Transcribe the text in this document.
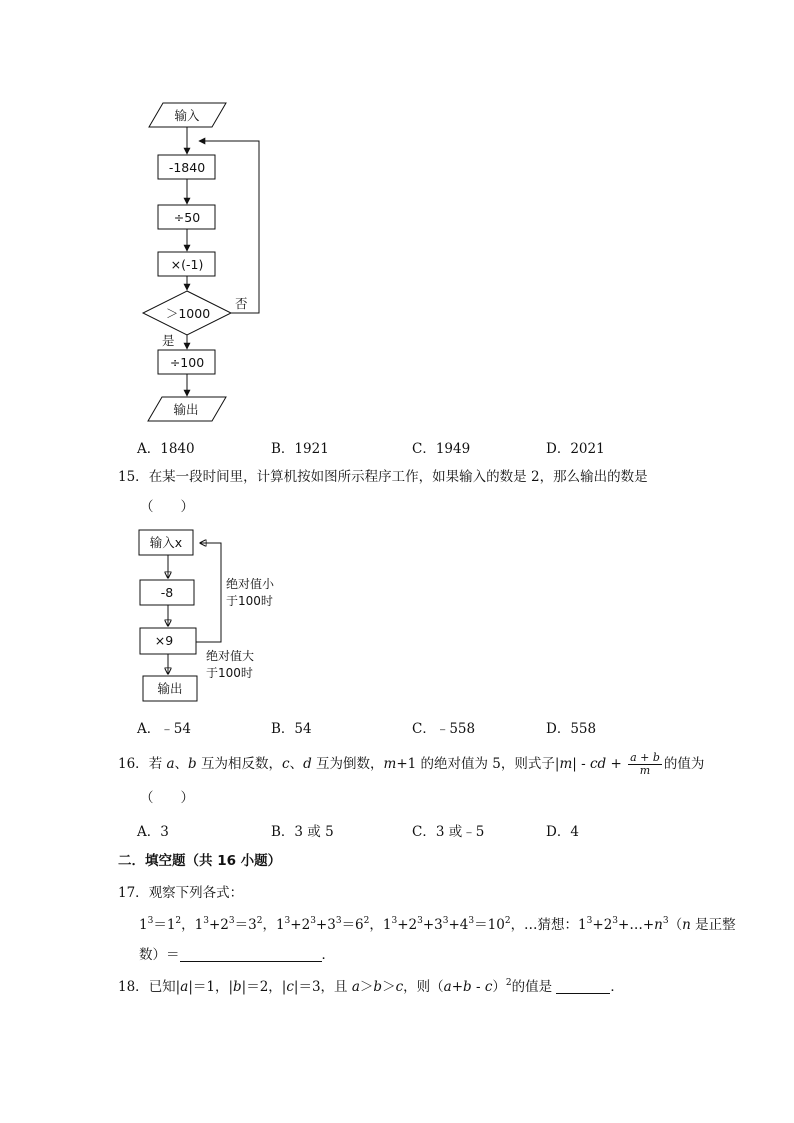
输入
-1840
÷50
×(-1)
＞1000
否
是
÷100
输出
A．1840	B．1921	C．1949	D．2021
15．在某一段时间里，计算机按如图所示程序工作，如果输入的数是 2，那么输出的数是
（　　）
输入x
-8
×9
绝对值小
于100时
绝对值大
于100时
输出
A．﹣54	B．54	C．﹣558	D．558
16．若 a、b 互为相反数，c、d 互为倒数，m+1 的绝对值为 5，则式子|m| - cd + $\frac{a + b}{m}$ 的值为
（　　）
A．3	B．3 或 5	C．3 或﹣5	D．4
二．填空题（共 16 小题）
17．观察下列各式：
$1^3=1^2$，$1^3+2^3=3^2$，$1^3+2^3+3^3=6^2$，$1^3+2^3+3^3+4^3=10^2$，…猜想：$1^3+2^3+\dots+n^3(n$ 是正整
数）＝	．
18．已知|a|＝1，|b|＝2，|c|＝3，且 a＞b＞c，则$(a+b - c)^2$的值是	．
